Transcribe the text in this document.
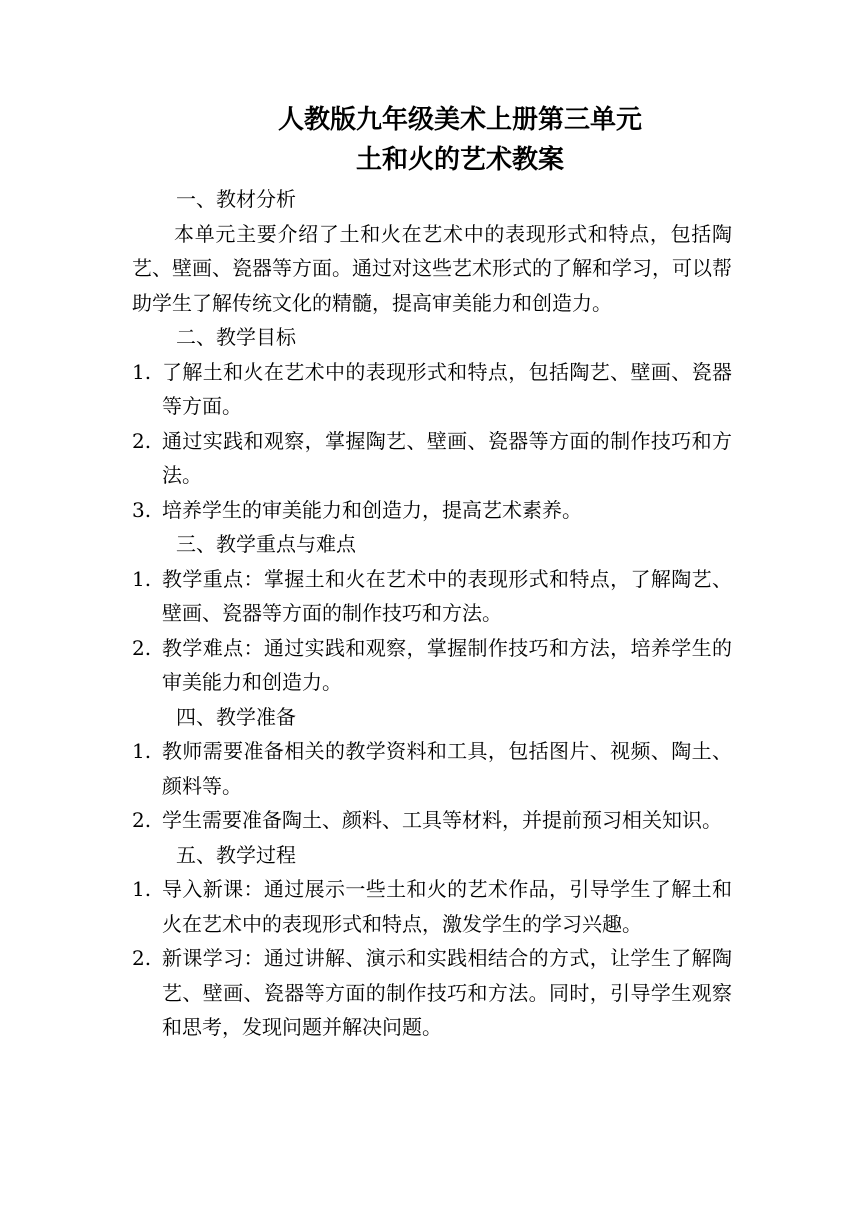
人教版九年级美术上册第三单元
土和火的艺术教案

一、教材分析

本单元主要介绍了土和火在艺术中的表现形式和特点，包括陶艺、壁画、瓷器等方面。通过对这些艺术形式的了解和学习，可以帮助学生了解传统文化的精髓，提高审美能力和创造力。

二、教学目标

1. 了解土和火在艺术中的表现形式和特点，包括陶艺、壁画、瓷器等方面。
2. 通过实践和观察，掌握陶艺、壁画、瓷器等方面的制作技巧和方法。
3. 培养学生的审美能力和创造力，提高艺术素养。

三、教学重点与难点

1. 教学重点：掌握土和火在艺术中的表现形式和特点，了解陶艺、壁画、瓷器等方面的制作技巧和方法。
2. 教学难点：通过实践和观察，掌握制作技巧和方法，培养学生的审美能力和创造力。

四、教学准备

1. 教师需要准备相关的教学资料和工具，包括图片、视频、陶土、颜料等。
2. 学生需要准备陶土、颜料、工具等材料，并提前预习相关知识。

五、教学过程

1. 导入新课：通过展示一些土和火的艺术作品，引导学生了解土和火在艺术中的表现形式和特点，激发学生的学习兴趣。
2. 新课学习：通过讲解、演示和实践相结合的方式，让学生了解陶艺、壁画、瓷器等方面的制作技巧和方法。同时，引导学生观察和思考，发现问题并解决问题。
